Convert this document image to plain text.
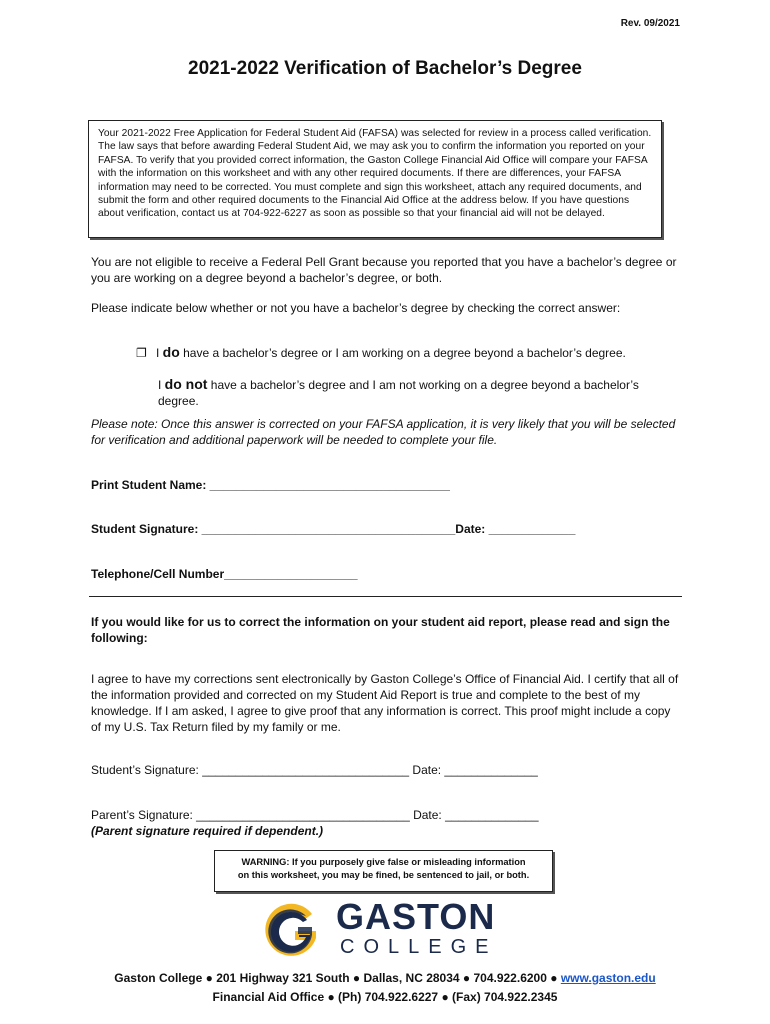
Rev. 09/2021
2021-2022 Verification of Bachelor’s Degree
Your 2021-2022 Free Application for Federal Student Aid (FAFSA) was selected for review in a process called verification. The law says that before awarding Federal Student Aid, we may ask you to confirm the information you reported on your FAFSA. To verify that you provided correct information, the Gaston College Financial Aid Office will compare your FAFSA with the information on this worksheet and with any other required documents. If there are differences, your FAFSA information may need to be corrected. You must complete and sign this worksheet, attach any required documents, and submit the form and other required documents to the Financial Aid Office at the address below. If you have questions about verification, contact us at 704-922-6227 as soon as possible so that your financial aid will not be delayed.
You are not eligible to receive a Federal Pell Grant because you reported that you have a bachelor’s degree or you are working on a degree beyond a bachelor’s degree, or both.
Please indicate below whether or not you have a bachelor’s degree by checking the correct answer:
❐ I do have a bachelor’s degree or I am working on a degree beyond a bachelor’s degree.
I do not have a bachelor’s degree and I am not working on a degree beyond a bachelor’s degree.
Please note: Once this answer is corrected on your FAFSA application, it is very likely that you will be selected for verification and additional paperwork will be needed to complete your file.
Print Student Name: ____________________________________
Student Signature: ______________________________________Date: _____________
Telephone/Cell Number____________________
If you would like for us to correct the information on your student aid report, please read and sign the following:
I agree to have my corrections sent electronically by Gaston College’s Office of Financial Aid. I certify that all of the information provided and corrected on my Student Aid Report is true and complete to the best of my knowledge. If I am asked, I agree to give proof that any information is correct. This proof might include a copy of my U.S. Tax Return filed by my family or me.
Student’s Signature: _______________________________ Date: ______________
Parent’s Signature: ________________________________ Date: ______________
(Parent signature required if dependent.)
WARNING: If you purposely give false or misleading information
on this worksheet, you may be fined, be sentenced to jail, or both.
GASTON
COLLEGE
Gaston College ● 201 Highway 321 South ● Dallas, NC 28034 ● 704.922.6200 ● www.gaston.edu
Financial Aid Office ● (Ph) 704.922.6227 ● (Fax) 704.922.2345
